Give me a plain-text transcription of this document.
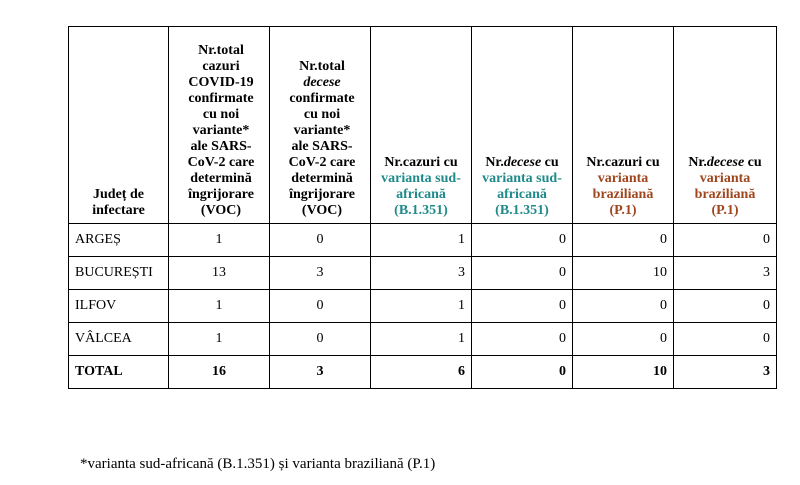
Județ de infectare	Nr.total cazuri COVID-19 confirmate cu noi variante* ale SARS-CoV-2 care determină îngrijorare (VOC)	Nr.total decese confirmate cu noi variante* ale SARS-CoV-2 care determină îngrijorare (VOC)	Nr.cazuri cu varianta sud-africană (B.1.351)	Nr.decese cu varianta sud-africană (B.1.351)	Nr.cazuri cu varianta braziliană (P.1)	Nr.decese cu varianta braziliană (P.1)
ARGEȘ	1	0	1	0	0	0
BUCUREȘTI	13	3	3	0	10	3
ILFOV	1	0	1	0	0	0
VÂLCEA	1	0	1	0	0	0
TOTAL	16	3	6	0	10	3
*varianta sud-africană (B.1.351) și varianta braziliană (P.1)
